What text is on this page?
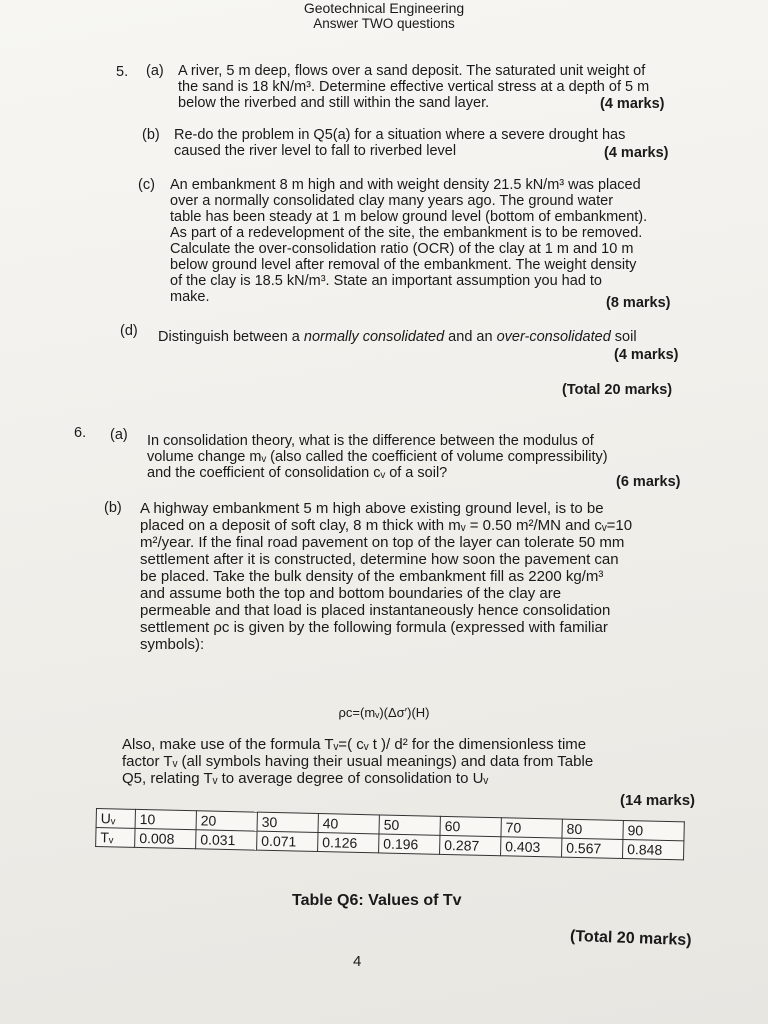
Geotechnical Engineering
Answer TWO questions
5. (a) A river, 5 m deep, flows over a sand deposit. The saturated unit weight of
the sand is 18 kN/m³. Determine effective vertical stress at a depth of 5 m
below the riverbed and still within the sand layer.	(4 marks)
(b) Re-do the problem in Q5(a) for a situation where a severe drought has
caused the river level to fall to riverbed level	(4 marks)
(c) An embankment 8 m high and with weight density 21.5 kN/m³ was placed
over a normally consolidated clay many years ago. The ground water
table has been steady at 1 m below ground level (bottom of embankment).
As part of a redevelopment of the site, the embankment is to be removed.
Calculate the over-consolidation ratio (OCR) of the clay at 1 m and 10 m
below ground level after removal of the embankment. The weight density
of the clay is 18.5 kN/m³. State an important assumption you had to
make.	(8 marks)
(d) Distinguish between a normally consolidated and an over-consolidated soil
(4 marks)
(Total 20 marks)
6. (a) In consolidation theory, what is the difference between the modulus of
volume change mᵥ (also called the coefficient of volume compressibility)
and the coefficient of consolidation cᵥ of a soil?
(6 marks)
(b) A highway embankment 5 m high above existing ground level, is to be
placed on a deposit of soft clay, 8 m thick with mᵥ = 0.50 m²/MN and cᵥ=10
m²/year. If the final road pavement on top of the layer can tolerate 50 mm
settlement after it is constructed, determine how soon the pavement can
be placed. Take the bulk density of the embankment fill as 2200 kg/m³
and assume both the top and bottom boundaries of the clay are
permeable and that load is placed instantaneously hence consolidation
settlement ρc is given by the following formula (expressed with familiar
symbols):
ρc=(mᵥ)(Δσ′)(H)
Also, make use of the formula Tᵥ=( cᵥ t )/ d² for the dimensionless time
factor Tᵥ (all symbols having their usual meanings) and data from Table
Q5, relating Tᵥ to average degree of consolidation to Uᵥ
(14 marks)
Uᵥ	10	20	30	40	50	60	70	80	90
Tᵥ	0.008	0.031	0.071	0.126	0.196	0.287	0.403	0.567	0.848
Table Q6: Values of Tv
(Total 20 marks)
4
